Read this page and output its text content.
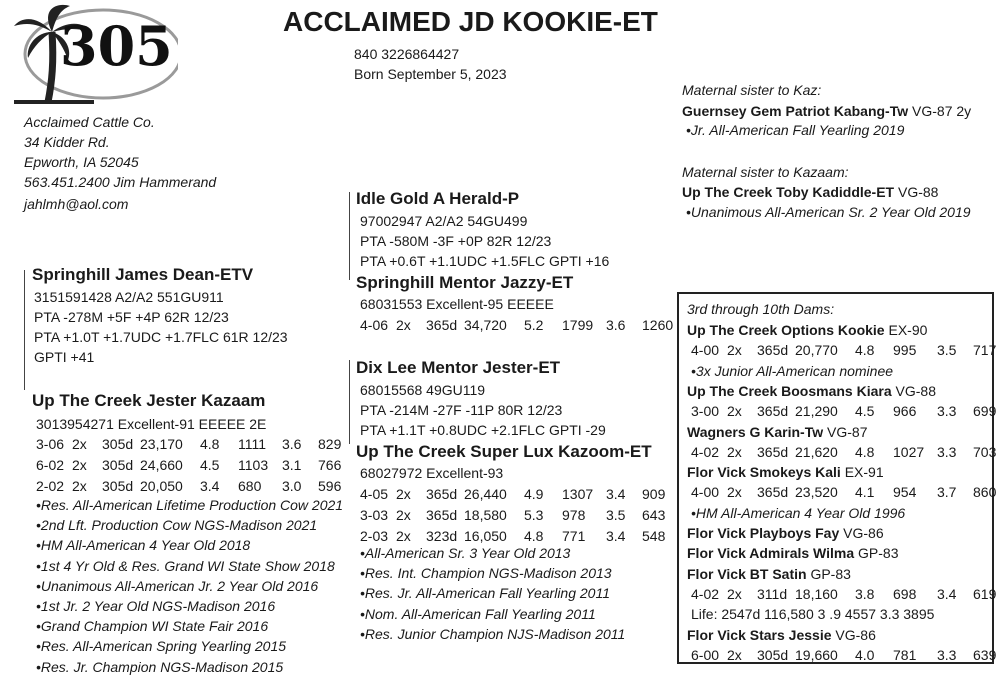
305	ACCLAIMED JD KOOKIE-ET
840 3226864427
Born September 5, 2023
Acclaimed Cattle Co.
34 Kidder Rd.
Epworth, IA 52045
563.451.2400 Jim Hammerand
jahlmh@aol.com
Maternal sister to Kaz:
Guernsey Gem Patriot Kabang-Tw VG-87 2y
•Jr. All-American Fall Yearling 2019
Maternal sister to Kazaam:
Up The Creek Toby Kadiddle-ET VG-88
•Unanimous All-American Sr. 2 Year Old 2019
Springhill James Dean-ETV
3151591428 A2/A2 551GU911
PTA -278M +5F +4P 62R 12/23
PTA +1.0T +1.7UDC +1.7FLC 61R 12/23
GPTI +41
Up The Creek Jester Kazaam
3013954271 Excellent-91 EEEEE 2E
3-06 2x 305d 23,170 4.8 1111 3.6 829
6-02 2x 305d 24,660 4.5 1103 3.1 766
2-02 2x 305d 20,050 3.4 680 3.0 596
•Res. All-American Lifetime Production Cow 2021
•2nd Lft. Production Cow NGS-Madison 2021
•HM All-American 4 Year Old 2018
•1st 4 Yr Old & Res. Grand WI State Show 2018
•Unanimous All-American Jr. 2 Year Old 2016
•1st Jr. 2 Year Old NGS-Madison 2016
•Grand Champion WI State Fair 2016
•Res. All-American Spring Yearling 2015
•Res. Jr. Champion NGS-Madison 2015
Idle Gold A Herald-P
97002947 A2/A2 54GU499
PTA -580M -3F +0P 82R 12/23
PTA +0.6T +1.1UDC +1.5FLC GPTI +16
Springhill Mentor Jazzy-ET
68031553 Excellent-95 EEEEE
4-06 2x 365d 34,720 5.2 1799 3.6 1260
Dix Lee Mentor Jester-ET
68015568 49GU119
PTA -214M -27F -11P 80R 12/23
PTA +1.1T +0.8UDC +2.1FLC GPTI -29
Up The Creek Super Lux Kazoom-ET
68027972 Excellent-93
4-05 2x 365d 26,440 4.9 1307 3.4 909
3-03 2x 365d 18,580 5.3 978 3.5 643
2-03 2x 323d 16,050 4.8 771 3.4 548
•All-American Sr. 3 Year Old 2013
•Res. Int. Champion NGS-Madison 2013
•Res. Jr. All-American Fall Yearling 2011
•Nom. All-American Fall Yearling 2011
•Res. Junior Champion NJS-Madison 2011
3rd through 10th Dams:
Up The Creek Options Kookie EX-90
4-00 2x 365d 20,770 4.8 995 3.5 717
•3x Junior All-American nominee
Up The Creek Boosmans Kiara VG-88
3-00 2x 365d 21,290 4.5 966 3.3 699
Wagners G Karin-Tw VG-87
4-02 2x 365d 21,620 4.8 1027 3.3 703
Flor Vick Smokeys Kali EX-91
4-00 2x 365d 23,520 4.1 954 3.7 860
•HM All-American 4 Year Old 1996
Flor Vick Playboys Fay VG-86
Flor Vick Admirals Wilma GP-83
Flor Vick BT Satin GP-83
4-02 2x 311d 18,160 3.8 698 3.4 619
Life: 2547d 116,580 3 .9 4557 3.3 3895
Flor Vick Stars Jessie VG-86
6-00 2x 305d 19,660 4.0 781 3.3 639
